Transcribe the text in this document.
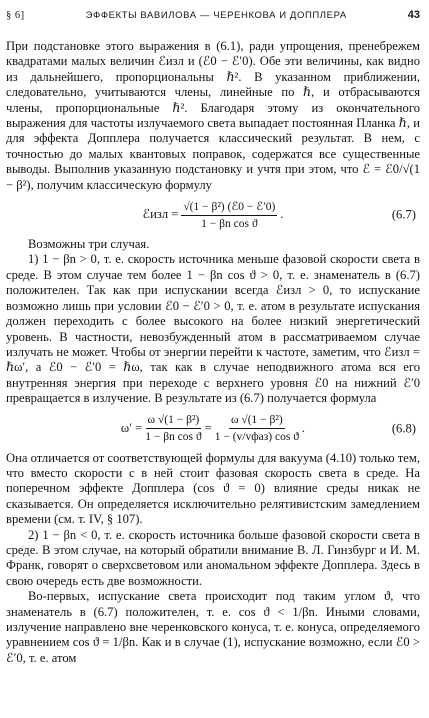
§ 6]	ЭФФЕКТЫ ВАВИЛОВА — ЧЕРЕНКОВА И ДОППЛЕРА	43

При подстановке этого выражения в (6.1), ради упрощения, пренебрежем квадратами малых величин ℰизл и (ℰ0 − ℰ′0). Обе эти величины, как видно из дальнейшего, пропорциональны ℏ². В указанном приближении, следовательно, учитываются члены, линейные по ℏ, и отбрасываются члены, пропорциональные ℏ². Благодаря этому из окончательного выражения для частоты излучаемого света выпадает постоянная Планка ℏ, и для эффекта Допплера получается классический результат. В нем, с точностью до малых квантовых поправок, содержатся все существенные выводы. Выполнив указанную подстановку и учтя при этом, что ℰ = ℰ0/√(1 − β²), получим классическую формулу

ℰизл = $\frac{\text{√(1 − β²) (ℰ0 − ℰ′0)}}{\text{1 − βn cos ϑ}}$ .	(6.7)

Возможны три случая.

1) 1 − βn > 0, т. е. скорость источника меньше фазовой скорости света в среде. В этом случае тем более 1 − βn cos ϑ > 0, т. е. знаменатель в (6.7) положителен. Так как при испускании всегда ℰизл > 0, то испускание возможно лишь при условии ℰ0 − ℰ′0 > 0, т. е. атом в результате испускания должен переходить с более высокого на более низкий энергетический уровень. В частности, невозбужденный атом в рассматриваемом случае излучать не может. Чтобы от энергии перейти к частоте, заметим, что ℰизл = ℏω′, а ℰ0 − ℰ′0 = ℏω, так как в случае неподвижного атома вся его внутренняя энергия при переходе с верхнего уровня ℰ0 на нижний ℰ′0 превращается в излучение. В результате из (6.7) получается формула

$\omega' = \frac{\text{ω √(1 − β²)}}{\text{1 − βn cos ϑ}} = \frac{\text{ω √(1 − β²)}}{\text{1 − (v/vфаз) cos ϑ}}$ .	(6.8)

Она отличается от соответствующей формулы для вакуума (4.10) только тем, что вместо скорости c в ней стоит фазовая скорость света в среде. На поперечном эффекте Допплера (cos ϑ = 0) влияние среды никак не сказывается. Он определяется исключительно релятивистским замедлением времени (см. т. IV, § 107).

2) 1 − βn < 0, т. е. скорость источника больше фазовой скорости света в среде. В этом случае, на который обратили внимание В. Л. Гинзбург и И. М. Франк, говорят о сверхсветовом или аномальном эффекте Допплера. Здесь в свою очередь есть две возможности.

Во-первых, испускание света происходит под таким углом ϑ, что знаменатель в (6.7) положителен, т. е. cos ϑ < 1/βn. Иными словами, излучение направлено вне черенковского конуса, т. е. конуса, определяемого уравнением cos ϑ = 1/βn. Как и в случае (1), испускание возможно, если ℰ0 > ℰ′0, т. е. атом
